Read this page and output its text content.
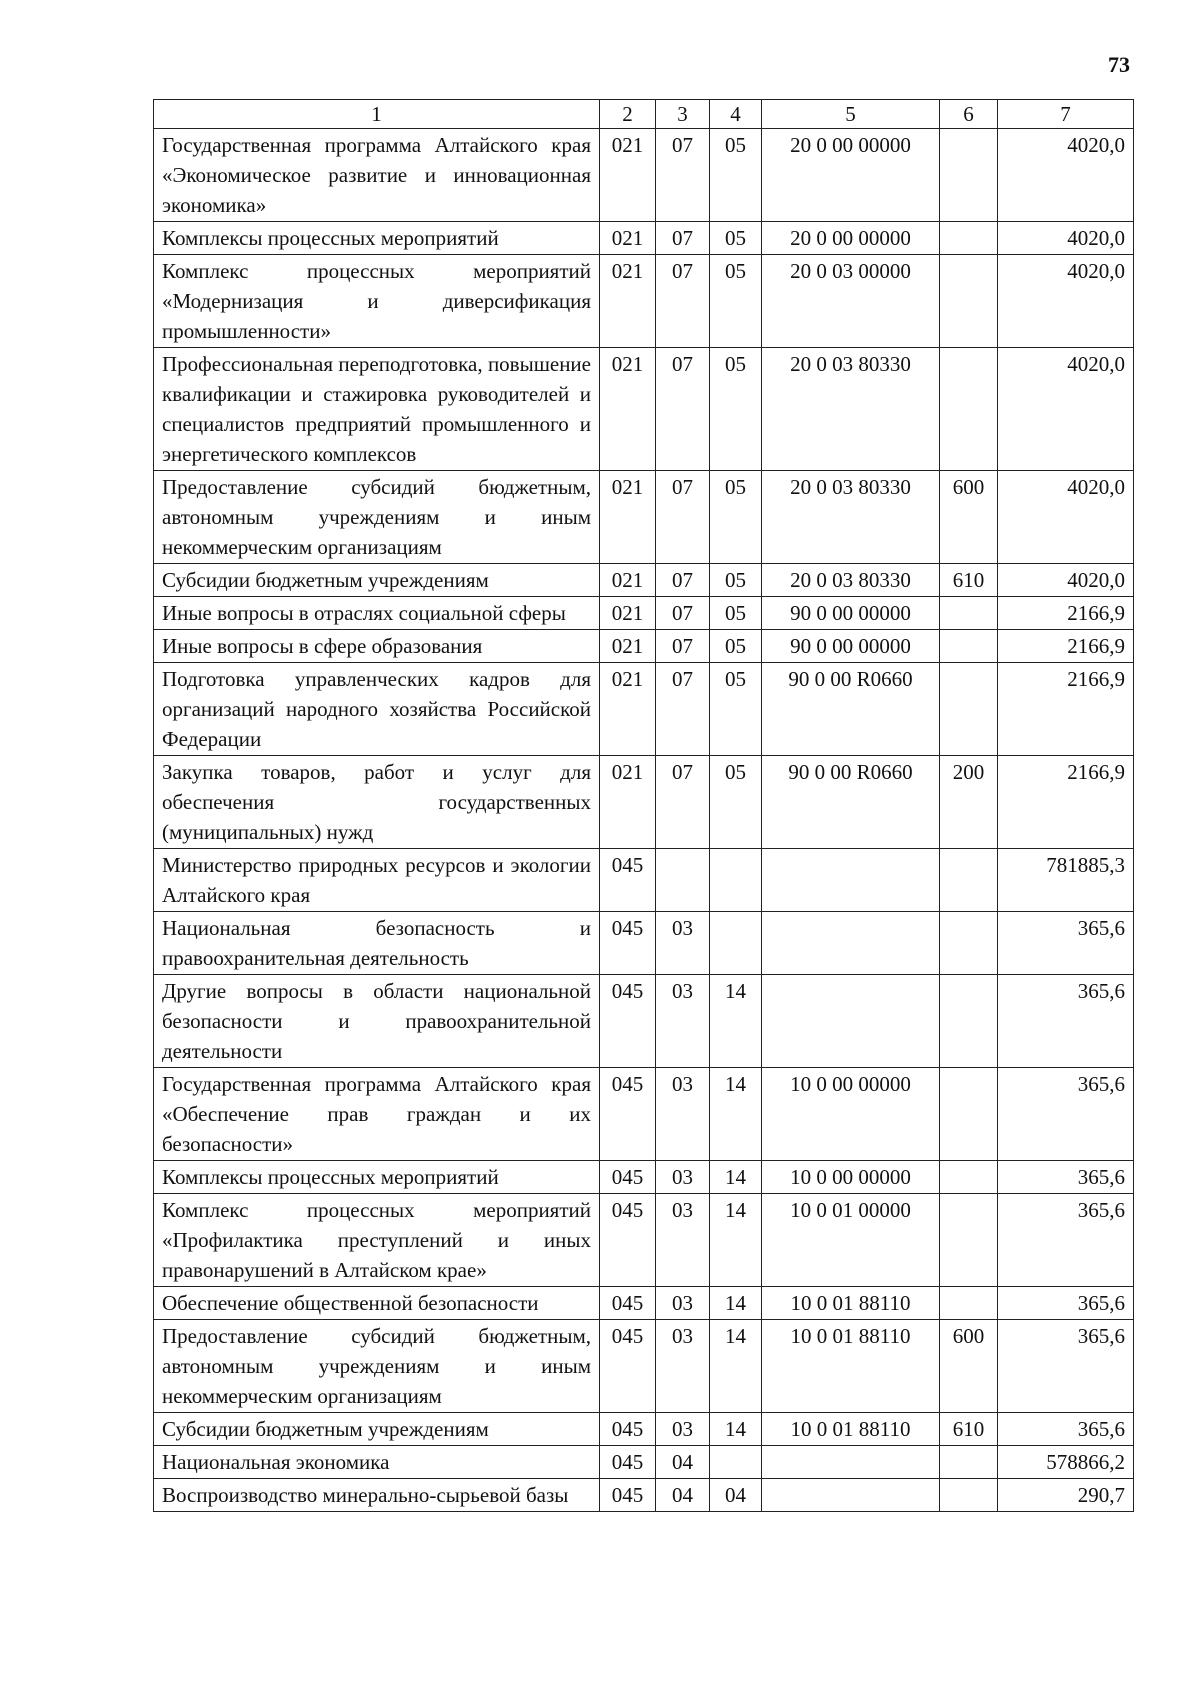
73
1	2	3	4	5	6	7
Государственная программа Алтайского края «Экономическое развитие и инновационная экономика»	021	07	05	20 0 00 00000		4020,0
Комплексы процессных мероприятий	021	07	05	20 0 00 00000		4020,0
Комплекс процессных мероприятий «Модернизация и диверсификация промышленности»	021	07	05	20 0 03 00000		4020,0
Профессиональная переподготовка, повышение квалификации и стажировка руководителей и специалистов предприятий промышленного и энергетического комплексов	021	07	05	20 0 03 80330		4020,0
Предоставление субсидий бюджетным, автономным учреждениям и иным некоммерческим организациям	021	07	05	20 0 03 80330	600	4020,0
Субсидии бюджетным учреждениям	021	07	05	20 0 03 80330	610	4020,0
Иные вопросы в отраслях социальной сферы	021	07	05	90 0 00 00000		2166,9
Иные вопросы в сфере образования	021	07	05	90 0 00 00000		2166,9
Подготовка управленческих кадров для организаций народного хозяйства Российской Федерации	021	07	05	90 0 00 R0660		2166,9
Закупка товаров, работ и услуг для обеспечения государственных (муниципальных) нужд	021	07	05	90 0 00 R0660	200	2166,9
Министерство природных ресурсов и экологии Алтайского края	045					781885,3
Национальная безопасность и правоохранительная деятельность	045	03				365,6
Другие вопросы в области национальной безопасности и правоохранительной деятельности	045	03	14			365,6
Государственная программа Алтайского края «Обеспечение прав граждан и их безопасности»	045	03	14	10 0 00 00000		365,6
Комплексы процессных мероприятий	045	03	14	10 0 00 00000		365,6
Комплекс процессных мероприятий «Профилактика преступлений и иных правонарушений в Алтайском крае»	045	03	14	10 0 01 00000		365,6
Обеспечение общественной безопасности	045	03	14	10 0 01 88110		365,6
Предоставление субсидий бюджетным, автономным учреждениям и иным некоммерческим организациям	045	03	14	10 0 01 88110	600	365,6
Субсидии бюджетным учреждениям	045	03	14	10 0 01 88110	610	365,6
Национальная экономика	045	04				578866,2
Воспроизводство минерально-сырьевой базы	045	04	04			290,7
